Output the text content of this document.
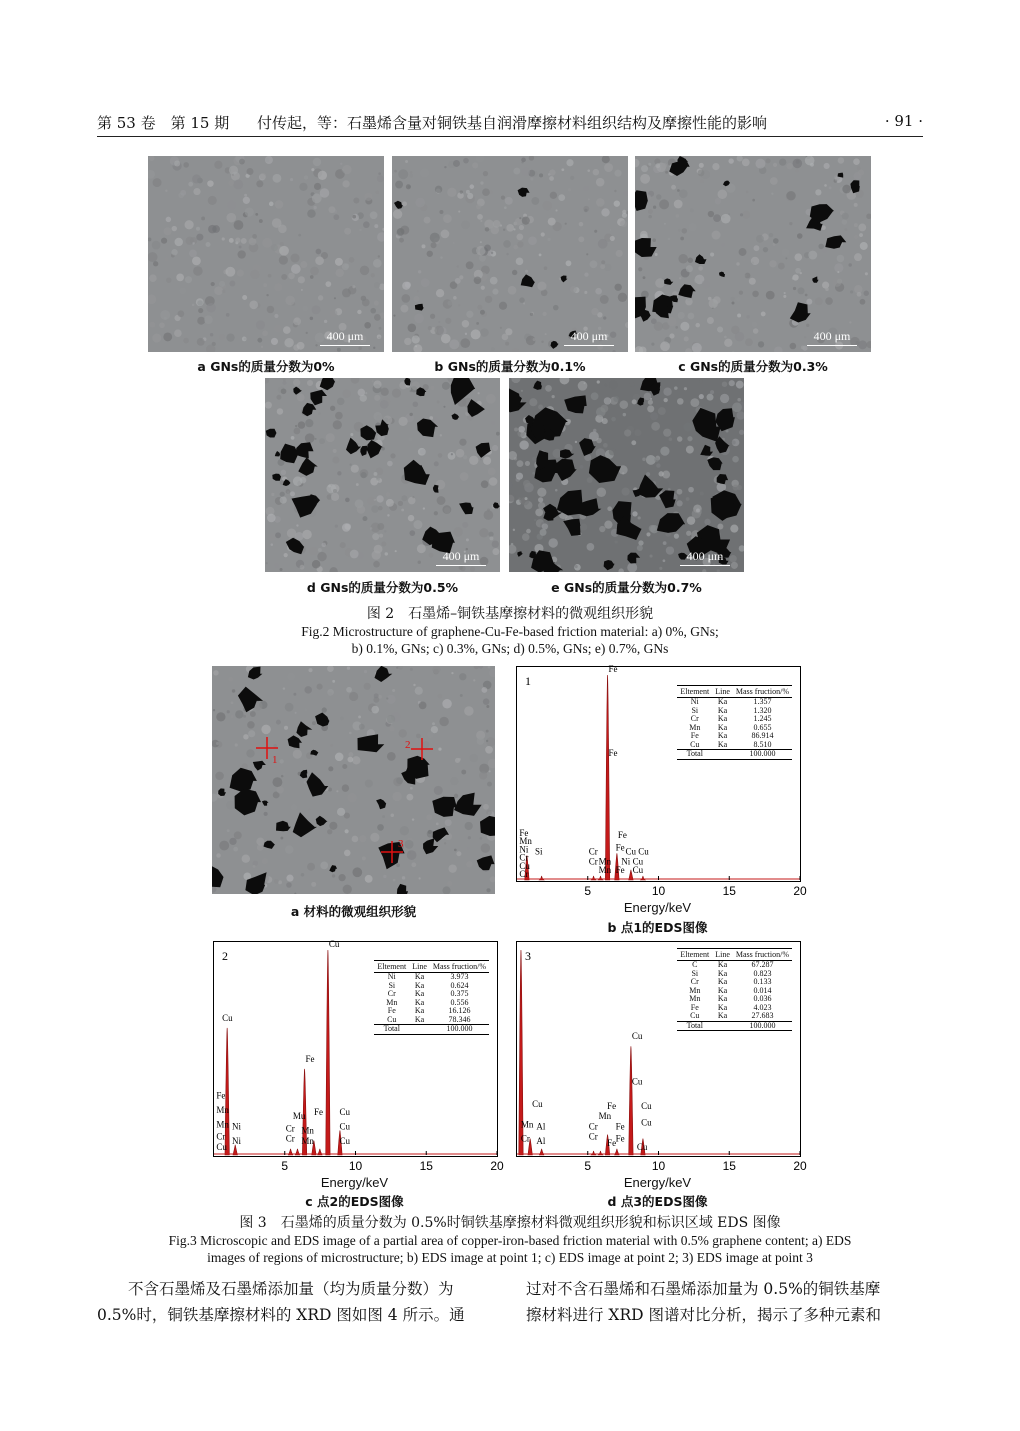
第 53 卷　第 15 期 付传起，等：石墨烯含量对铜铁基自润滑摩擦材料组织结构及摩擦性能的影响	· 91 ·
400 μm	400 μm	400 μm
a GNs的质量分数为0%	b GNs的质量分数为0.1%	c GNs的质量分数为0.3%
400 μm	400 μm
d GNs的质量分数为0.5%	e GNs的质量分数为0.7%
图 2　石墨烯–铜铁基摩擦材料的微观组织形貌
Fig.2 Microstructure of graphene-Cu-Fe-based friction material: a) 0%, GNs;
b) 0.1%, GNs; c) 0.3%, GNs; d) 0.5%, GNs; e) 0.7%, GNs
1
2
3
a 材料的微观组织形貌
Fe
Fe
Fe
Fe
Fe
Cr
Cr Mn
Mn
Cu Cu
Cu
Cu
Ni
Si
Fe
Mn
Ni
Cr
Cu
Cr
1
5	10	15	20
Eltement	Line	Mass fruction/%
Ni	Ka	1.357
Si	Ka	1.320
Cr	Ka	1.245
Mn	Ka	0.655
Fe	Ka	86.914
Cu	Ka	8.510
Total		100.000
Energy/keV
b 点1的EDS图像
Cu
Cu
Fe
Fe
Mu
Cr
Cr
Mn
Mn
Cu
Cu
Cu
Fe
Mn
Mn
Cr
Cu
Ni
Ni
2
5	10	15	20
Eltement	Line	Mass fruction/%
Ni	Ka	3.973
Si	Ka	0.624
Cr	Ka	0.375
Mn	Ka	0.556
Fe	Ka	16.126
Cu	Ka	78.346
Total		100.000
Energy/keV
c 点2的EDS图像
Cu
Cu
Cu
Cu
Cu
Fe
Mn
Cr
Cr
Fe
Fe
Fe
Cu
Mn Al
Cr Al
3
5	10	15	20
Eltement	Line	Mass fruction/%
C	Ka	67.287
Si	Ka	0.823
Cr	Ka	0.133
Mn	Ka	0.014
Mn	Ka	0.036
Fe	Ka	4.023
Cu	Ka	27.683
Total		100.000
Energy/keV
d 点3的EDS图像
图 3　石墨烯的质量分数为 0.5%时铜铁基摩擦材料微观组织形貌和标识区域 EDS 图像
Fig.3 Microscopic and EDS image of a partial area of copper-iron-based friction material with 0.5% graphene content; a) EDS
images of regions of microstructure; b) EDS image at point 1; c) EDS image at point 2; 3) EDS image at point 3
不含石墨烯及石墨烯添加量（均为质量分数）为
0.5%时，铜铁基摩擦材料的 XRD 图如图 4 所示。通
过对不含石墨烯和石墨烯添加量为 0.5%的铜铁基摩
擦材料进行 XRD 图谱对比分析，揭示了多种元素和
